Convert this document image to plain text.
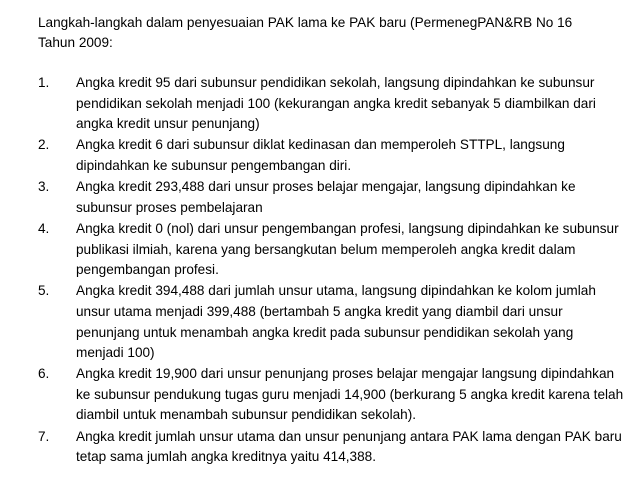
Langkah-langkah dalam penyesuaian PAK lama ke PAK baru (PermenegPAN&RB No 16 Tahun 2009:

1.	Angka kredit 95 dari subunsur pendidikan sekolah, langsung dipindahkan ke subunsur pendidikan sekolah menjadi 100 (kekurangan angka kredit sebanyak 5 diambilkan dari angka kredit unsur penunjang)
2.	Angka kredit 6 dari subunsur diklat kedinasan dan memperoleh STTPL, langsung dipindahkan ke subunsur pengembangan diri.
3.	Angka kredit 293,488 dari unsur proses belajar mengajar, langsung dipindahkan ke subunsur proses pembelajaran
4.	Angka kredit 0 (nol) dari unsur pengembangan profesi, langsung dipindahkan ke subunsur publikasi ilmiah, karena yang bersangkutan belum memperoleh angka kredit dalam pengembangan profesi.
5.	Angka kredit 394,488 dari jumlah unsur utama, langsung dipindahkan ke kolom jumlah unsur utama menjadi 399,488 (bertambah 5 angka kredit yang diambil dari unsur penunjang untuk menambah angka kredit pada subunsur pendidikan sekolah yang menjadi 100)
6.	Angka kredit 19,900 dari unsur penunjang proses belajar mengajar langsung dipindahkan ke subunsur pendukung tugas guru menjadi 14,900 (berkurang 5 angka kredit karena telah diambil untuk menambah subunsur pendidikan sekolah).
7.	Angka kredit jumlah unsur utama dan unsur penunjang antara PAK lama dengan PAK baru tetap sama jumlah angka kreditnya yaitu 414,388.
